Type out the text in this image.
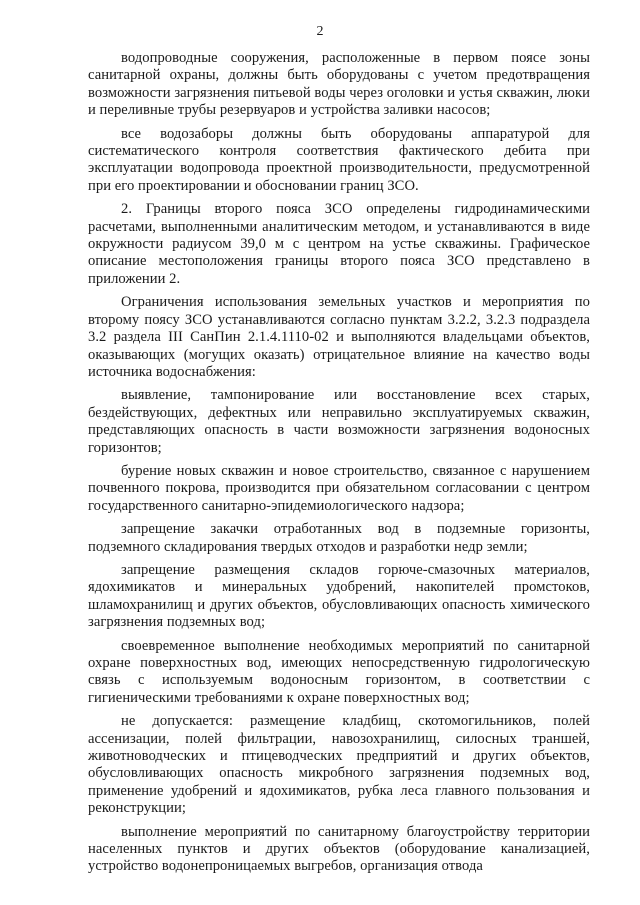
2

водопроводные сооружения, расположенные в первом поясе зоны санитарной охраны, должны быть оборудованы с учетом предотвращения возможности загрязнения питьевой воды через оголовки и устья скважин, люки и переливные трубы резервуаров и устройства заливки насосов;

все водозаборы должны быть оборудованы аппаратурой для систематического контроля соответствия фактического дебита при эксплуатации водопровода проектной производительности, предусмотренной при его проектировании и обосновании границ ЗСО.

2. Границы второго пояса ЗСО определены гидродинамическими расчетами, выполненными аналитическим методом, и устанавливаются в виде окружности радиусом 39,0 м с центром на устье скважины. Графическое описание местоположения границы второго пояса ЗСО представлено в приложении 2.

Ограничения использования земельных участков и мероприятия по второму поясу ЗСО устанавливаются согласно пунктам 3.2.2, 3.2.3 подраздела 3.2 раздела III СанПин 2.1.4.1110-02 и выполняются владельцами объектов, оказывающих (могущих оказать) отрицательное влияние на качество воды источника водоснабжения:

выявление, тампонирование или восстановление всех старых, бездействующих, дефектных или неправильно эксплуатируемых скважин, представляющих опасность в части возможности загрязнения водоносных горизонтов;

бурение новых скважин и новое строительство, связанное с нарушением почвенного покрова, производится при обязательном согласовании с центром государственного санитарно-эпидемиологического надзора;

запрещение закачки отработанных вод в подземные горизонты, подземного складирования твердых отходов и разработки недр земли;

запрещение размещения складов горюче-смазочных материалов, ядохимикатов и минеральных удобрений, накопителей промстоков, шламохранилищ и других объектов, обусловливающих опасность химического загрязнения подземных вод;

своевременное выполнение необходимых мероприятий по санитарной охране поверхностных вод, имеющих непосредственную гидрологическую связь с используемым водоносным горизонтом, в соответствии с гигиеническими требованиями к охране поверхностных вод;

не допускается: размещение кладбищ, скотомогильников, полей ассенизации, полей фильтрации, навозохранилищ, силосных траншей, животноводческих и птицеводческих предприятий и других объектов, обусловливающих опасность микробного загрязнения подземных вод, применение удобрений и ядохимикатов, рубка леса главного пользования и реконструкции;

выполнение мероприятий по санитарному благоустройству территории населенных пунктов и других объектов (оборудование канализацией, устройство водонепроницаемых выгребов, организация отвода
